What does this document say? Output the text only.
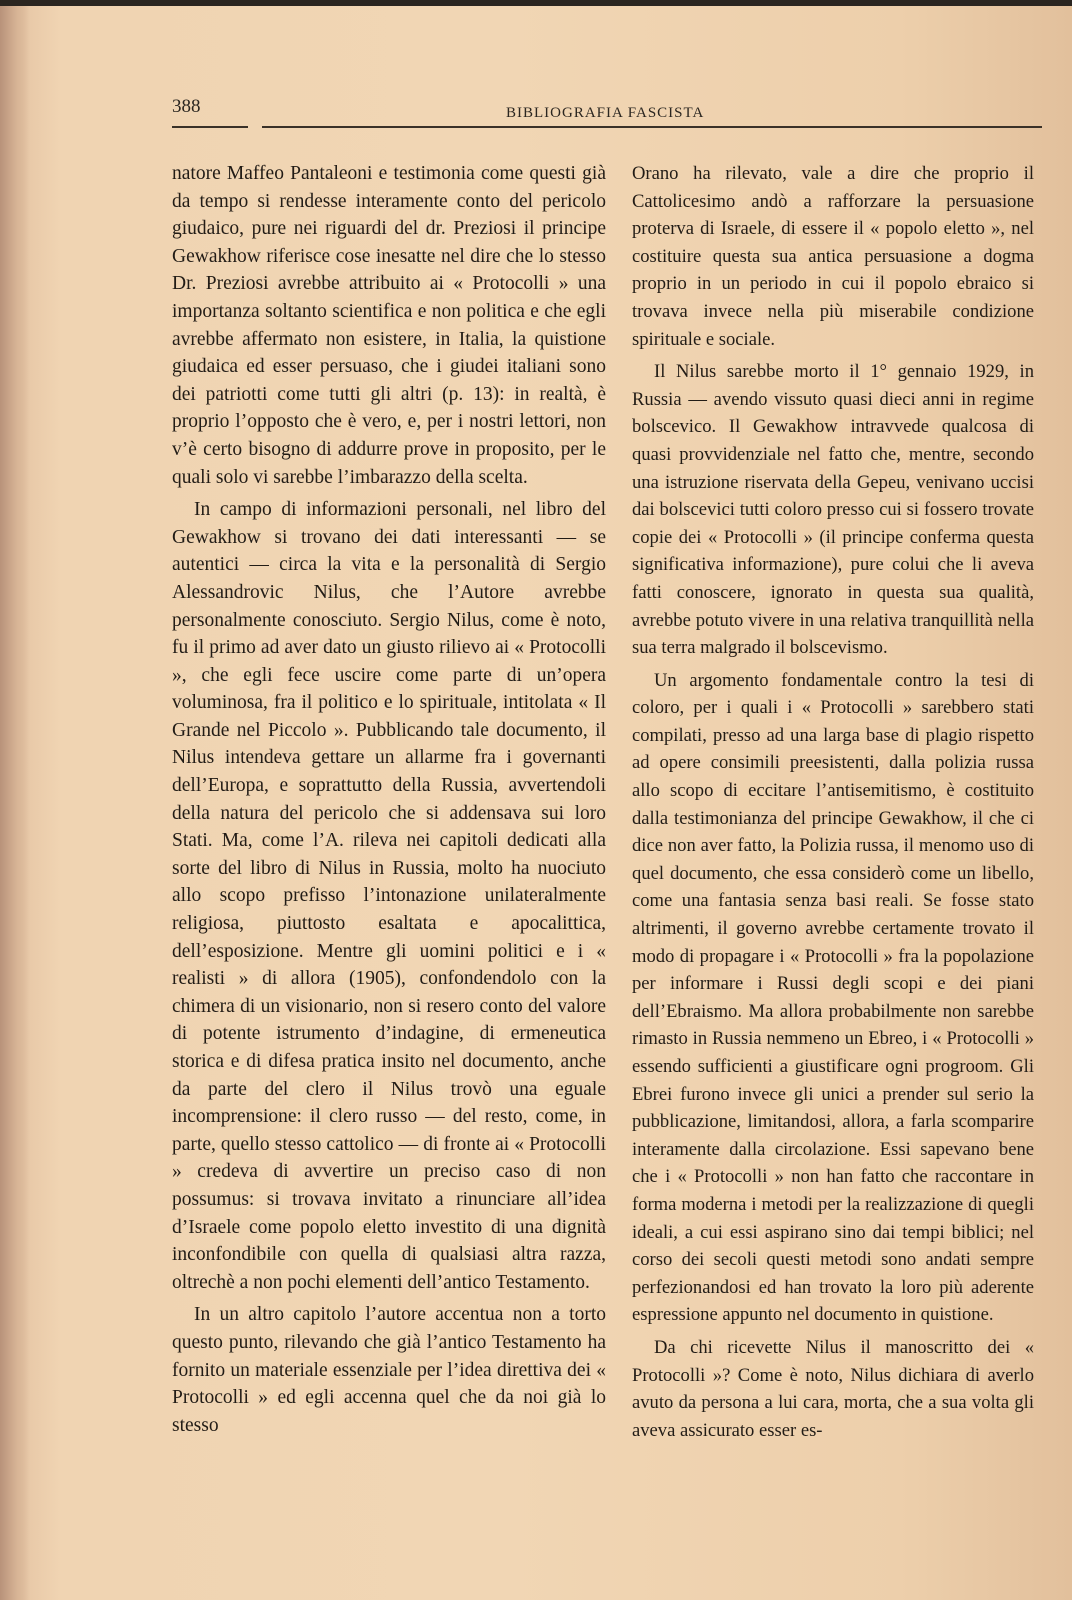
388	BIBLIOGRAFIA FASCISTA

natore Maffeo Pantaleoni e testimonia come questi già da tempo si rendesse interamente conto del pericolo giudaico, pure nei riguardi del dr. Preziosi il principe Gewakhow riferisce cose inesatte nel dire che lo stesso Dr. Preziosi avrebbe attribuito ai « Protocolli » una importanza soltanto scientifica e non politica e che egli avrebbe affermato non esistere, in Italia, la quistione giudaica ed esser persuaso, che i giudei italiani sono dei patriotti come tutti gli altri (p. 13): in realtà, è proprio l’opposto che è vero, e, per i nostri lettori, non v’è certo bisogno di addurre prove in proposito, per le quali solo vi sarebbe l’imbarazzo della scelta.

In campo di informazioni personali, nel libro del Gewakhow si trovano dei dati interessanti — se autentici — circa la vita e la personalità di Sergio Alessandrovic Nilus, che l’Autore avrebbe personalmente conosciuto. Sergio Nilus, come è noto, fu il primo ad aver dato un giusto rilievo ai « Protocolli », che egli fece uscire come parte di un’opera voluminosa, fra il politico e lo spirituale, intitolata « Il Grande nel Piccolo ». Pubblicando tale documento, il Nilus intendeva gettare un allarme fra i governanti dell’Europa, e soprattutto della Russia, avvertendoli della natura del pericolo che si addensava sui loro Stati. Ma, come l’A. rileva nei capitoli dedicati alla sorte del libro di Nilus in Russia, molto ha nuociuto allo scopo prefisso l’intonazione unilateralmente religiosa, piuttosto esaltata e apocalittica, dell’esposizione. Mentre gli uomini politici e i « realisti » di allora (1905), confondendolo con la chimera di un visionario, non si resero conto del valore di potente istrumento d’indagine, di ermeneutica storica e di difesa pratica insito nel documento, anche da parte del clero il Nilus trovò una eguale incomprensione: il clero russo — del resto, come, in parte, quello stesso cattolico — di fronte ai « Protocolli » credeva di avvertire un preciso caso di non possumus: si trovava invitato a rinunciare all’idea d’Israele come popolo eletto investito di una dignità inconfondibile con quella di qualsiasi altra razza, oltrechè a non pochi elementi dell’antico Testamento.

In un altro capitolo l’autore accentua non a torto questo punto, rilevando che già l’antico Testamento ha fornito un materiale essenziale per l’idea direttiva dei « Protocolli » ed egli accenna quel che da noi già lo stesso

Orano ha rilevato, vale a dire che proprio il Cattolicesimo andò a rafforzare la persuasione proterva di Israele, di essere il « popolo eletto », nel costituire questa sua antica persuasione a dogma proprio in un periodo in cui il popolo ebraico si trovava invece nella più miserabile condizione spirituale e sociale.

Il Nilus sarebbe morto il 1° gennaio 1929, in Russia — avendo vissuto quasi dieci anni in regime bolscevico. Il Gewakhow intravvede qualcosa di quasi provvidenziale nel fatto che, mentre, secondo una istruzione riservata della Gepeu, venivano uccisi dai bolscevici tutti coloro presso cui si fossero trovate copie dei « Protocolli » (il principe conferma questa significativa informazione), pure colui che li aveva fatti conoscere, ignorato in questa sua qualità, avrebbe potuto vivere in una relativa tranquillità nella sua terra malgrado il bolscevismo.

Un argomento fondamentale contro la tesi di coloro, per i quali i « Protocolli » sarebbero stati compilati, presso ad una larga base di plagio rispetto ad opere consimili preesistenti, dalla polizia russa allo scopo di eccitare l’antisemitismo, è costituito dalla testimonianza del principe Gewakhow, il che ci dice non aver fatto, la Polizia russa, il menomo uso di quel documento, che essa considerò come un libello, come una fantasia senza basi reali. Se fosse stato altrimenti, il governo avrebbe certamente trovato il modo di propagare i « Protocolli » fra la popolazione per informare i Russi degli scopi e dei piani dell’Ebraismo. Ma allora probabilmente non sarebbe rimasto in Russia nemmeno un Ebreo, i « Protocolli » essendo sufficienti a giustificare ogni progroom. Gli Ebrei furono invece gli unici a prender sul serio la pubblicazione, limitandosi, allora, a farla scomparire interamente dalla circolazione. Essi sapevano bene che i « Protocolli » non han fatto che raccontare in forma moderna i metodi per la realizzazione di quegli ideali, a cui essi aspirano sino dai tempi biblici; nel corso dei secoli questi metodi sono andati sempre perfezionandosi ed han trovato la loro più aderente espressione appunto nel documento in quistione.

Da chi ricevette Nilus il manoscritto dei « Protocolli »? Come è noto, Nilus dichiara di averlo avuto da persona a lui cara, morta, che a sua volta gli aveva assicurato esser es-
